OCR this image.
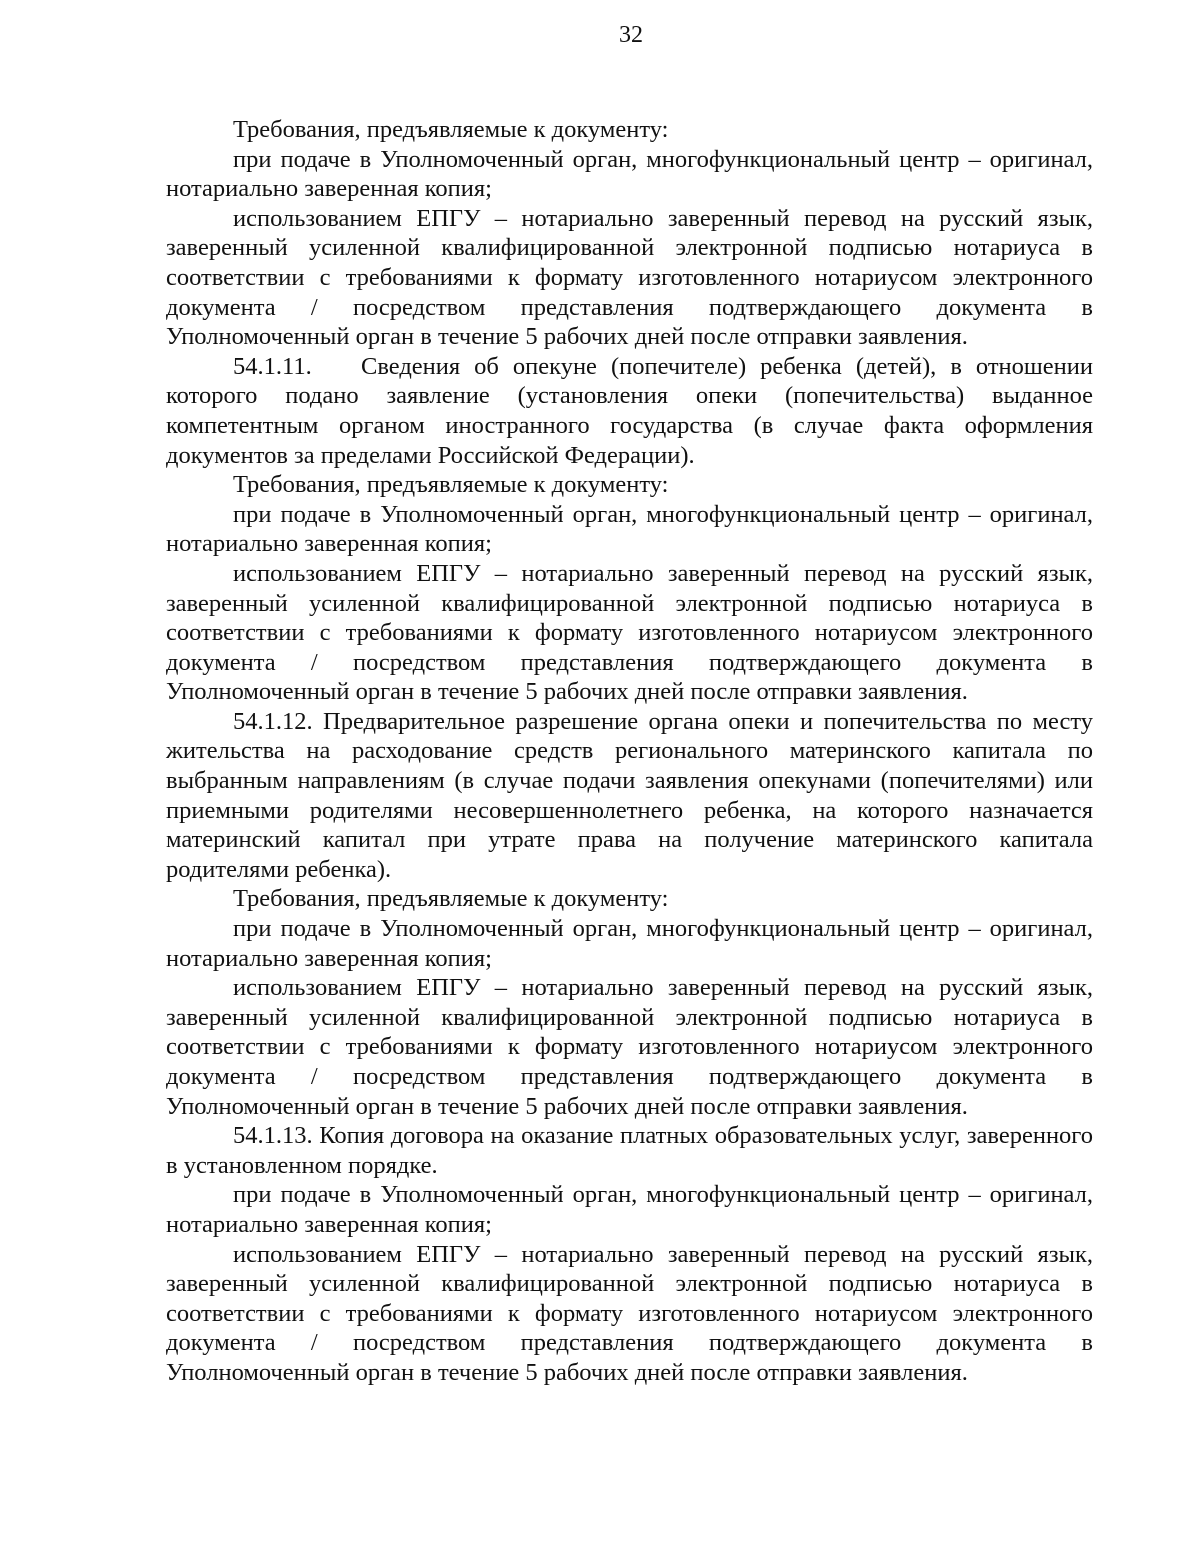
32

Требования, предъявляемые к документу:

при подаче в Уполномоченный орган, многофункциональный центр – оригинал, нотариально заверенная копия;

использованием ЕПГУ – нотариально заверенный перевод на русский язык, заверенный усиленной квалифицированной электронной подписью нотариуса в соответствии с требованиями к формату изготовленного нотариусом электронного документа / посредством представления подтверждающего документа в Уполномоченный орган в течение 5 рабочих дней после отправки заявления.

54.1.11. Сведения об опекуне (попечителе) ребенка (детей), в отношении которого подано заявление (установления опеки (попечительства) выданное компетентным органом иностранного государства (в случае факта оформления документов за пределами Российской Федерации).

Требования, предъявляемые к документу:

при подаче в Уполномоченный орган, многофункциональный центр – оригинал, нотариально заверенная копия;

использованием ЕПГУ – нотариально заверенный перевод на русский язык, заверенный усиленной квалифицированной электронной подписью нотариуса в соответствии с требованиями к формату изготовленного нотариусом электронного документа / посредством представления подтверждающего документа в Уполномоченный орган в течение 5 рабочих дней после отправки заявления.

54.1.12. Предварительное разрешение органа опеки и попечительства по месту жительства на расходование средств регионального материнского капитала по выбранным направлениям (в случае подачи заявления опекунами (попечителями) или приемными родителями несовершеннолетнего ребенка, на которого назначается материнский капитал при утрате права на получение материнского капитала родителями ребенка).

Требования, предъявляемые к документу:

при подаче в Уполномоченный орган, многофункциональный центр – оригинал, нотариально заверенная копия;

использованием ЕПГУ – нотариально заверенный перевод на русский язык, заверенный усиленной квалифицированной электронной подписью нотариуса в соответствии с требованиями к формату изготовленного нотариусом электронного документа / посредством представления подтверждающего документа в Уполномоченный орган в течение 5 рабочих дней после отправки заявления.

54.1.13. Копия договора на оказание платных образовательных услуг, заверенного в установленном порядке.

при подаче в Уполномоченный орган, многофункциональный центр – оригинал, нотариально заверенная копия;

использованием ЕПГУ – нотариально заверенный перевод на русский язык, заверенный усиленной квалифицированной электронной подписью нотариуса в соответствии с требованиями к формату изготовленного нотариусом электронного документа / посредством представления подтверждающего документа в Уполномоченный орган в течение 5 рабочих дней после отправки заявления.
